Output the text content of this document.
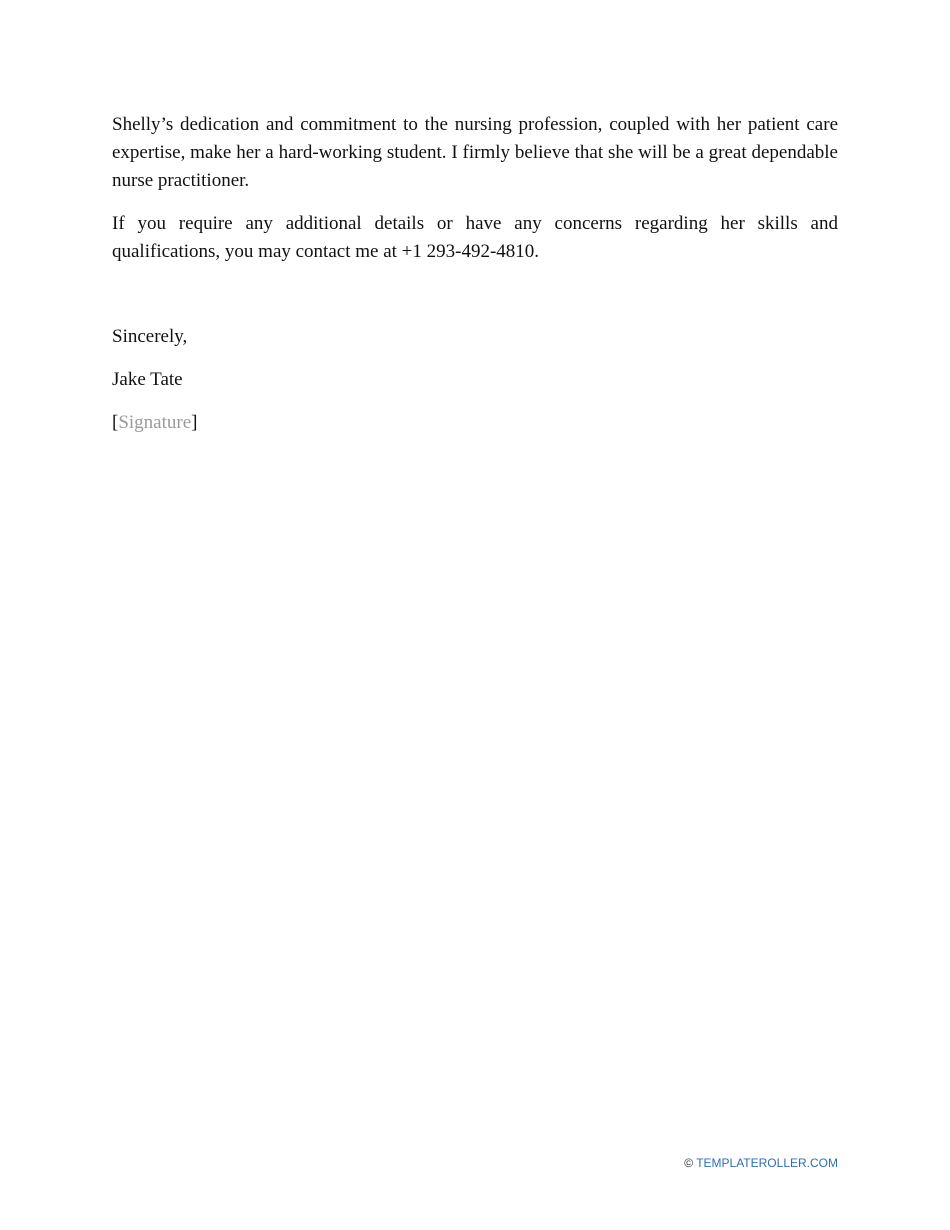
Shelly’s dedication and commitment to the nursing profession, coupled with her patient care expertise, make her a hard-working student. I firmly believe that she will be a great dependable nurse practitioner.

If you require any additional details or have any concerns regarding her skills and qualifications, you may contact me at +1 293-492-4810.

Sincerely,

Jake Tate

[Signature]

© TEMPLATEROLLER.COM
